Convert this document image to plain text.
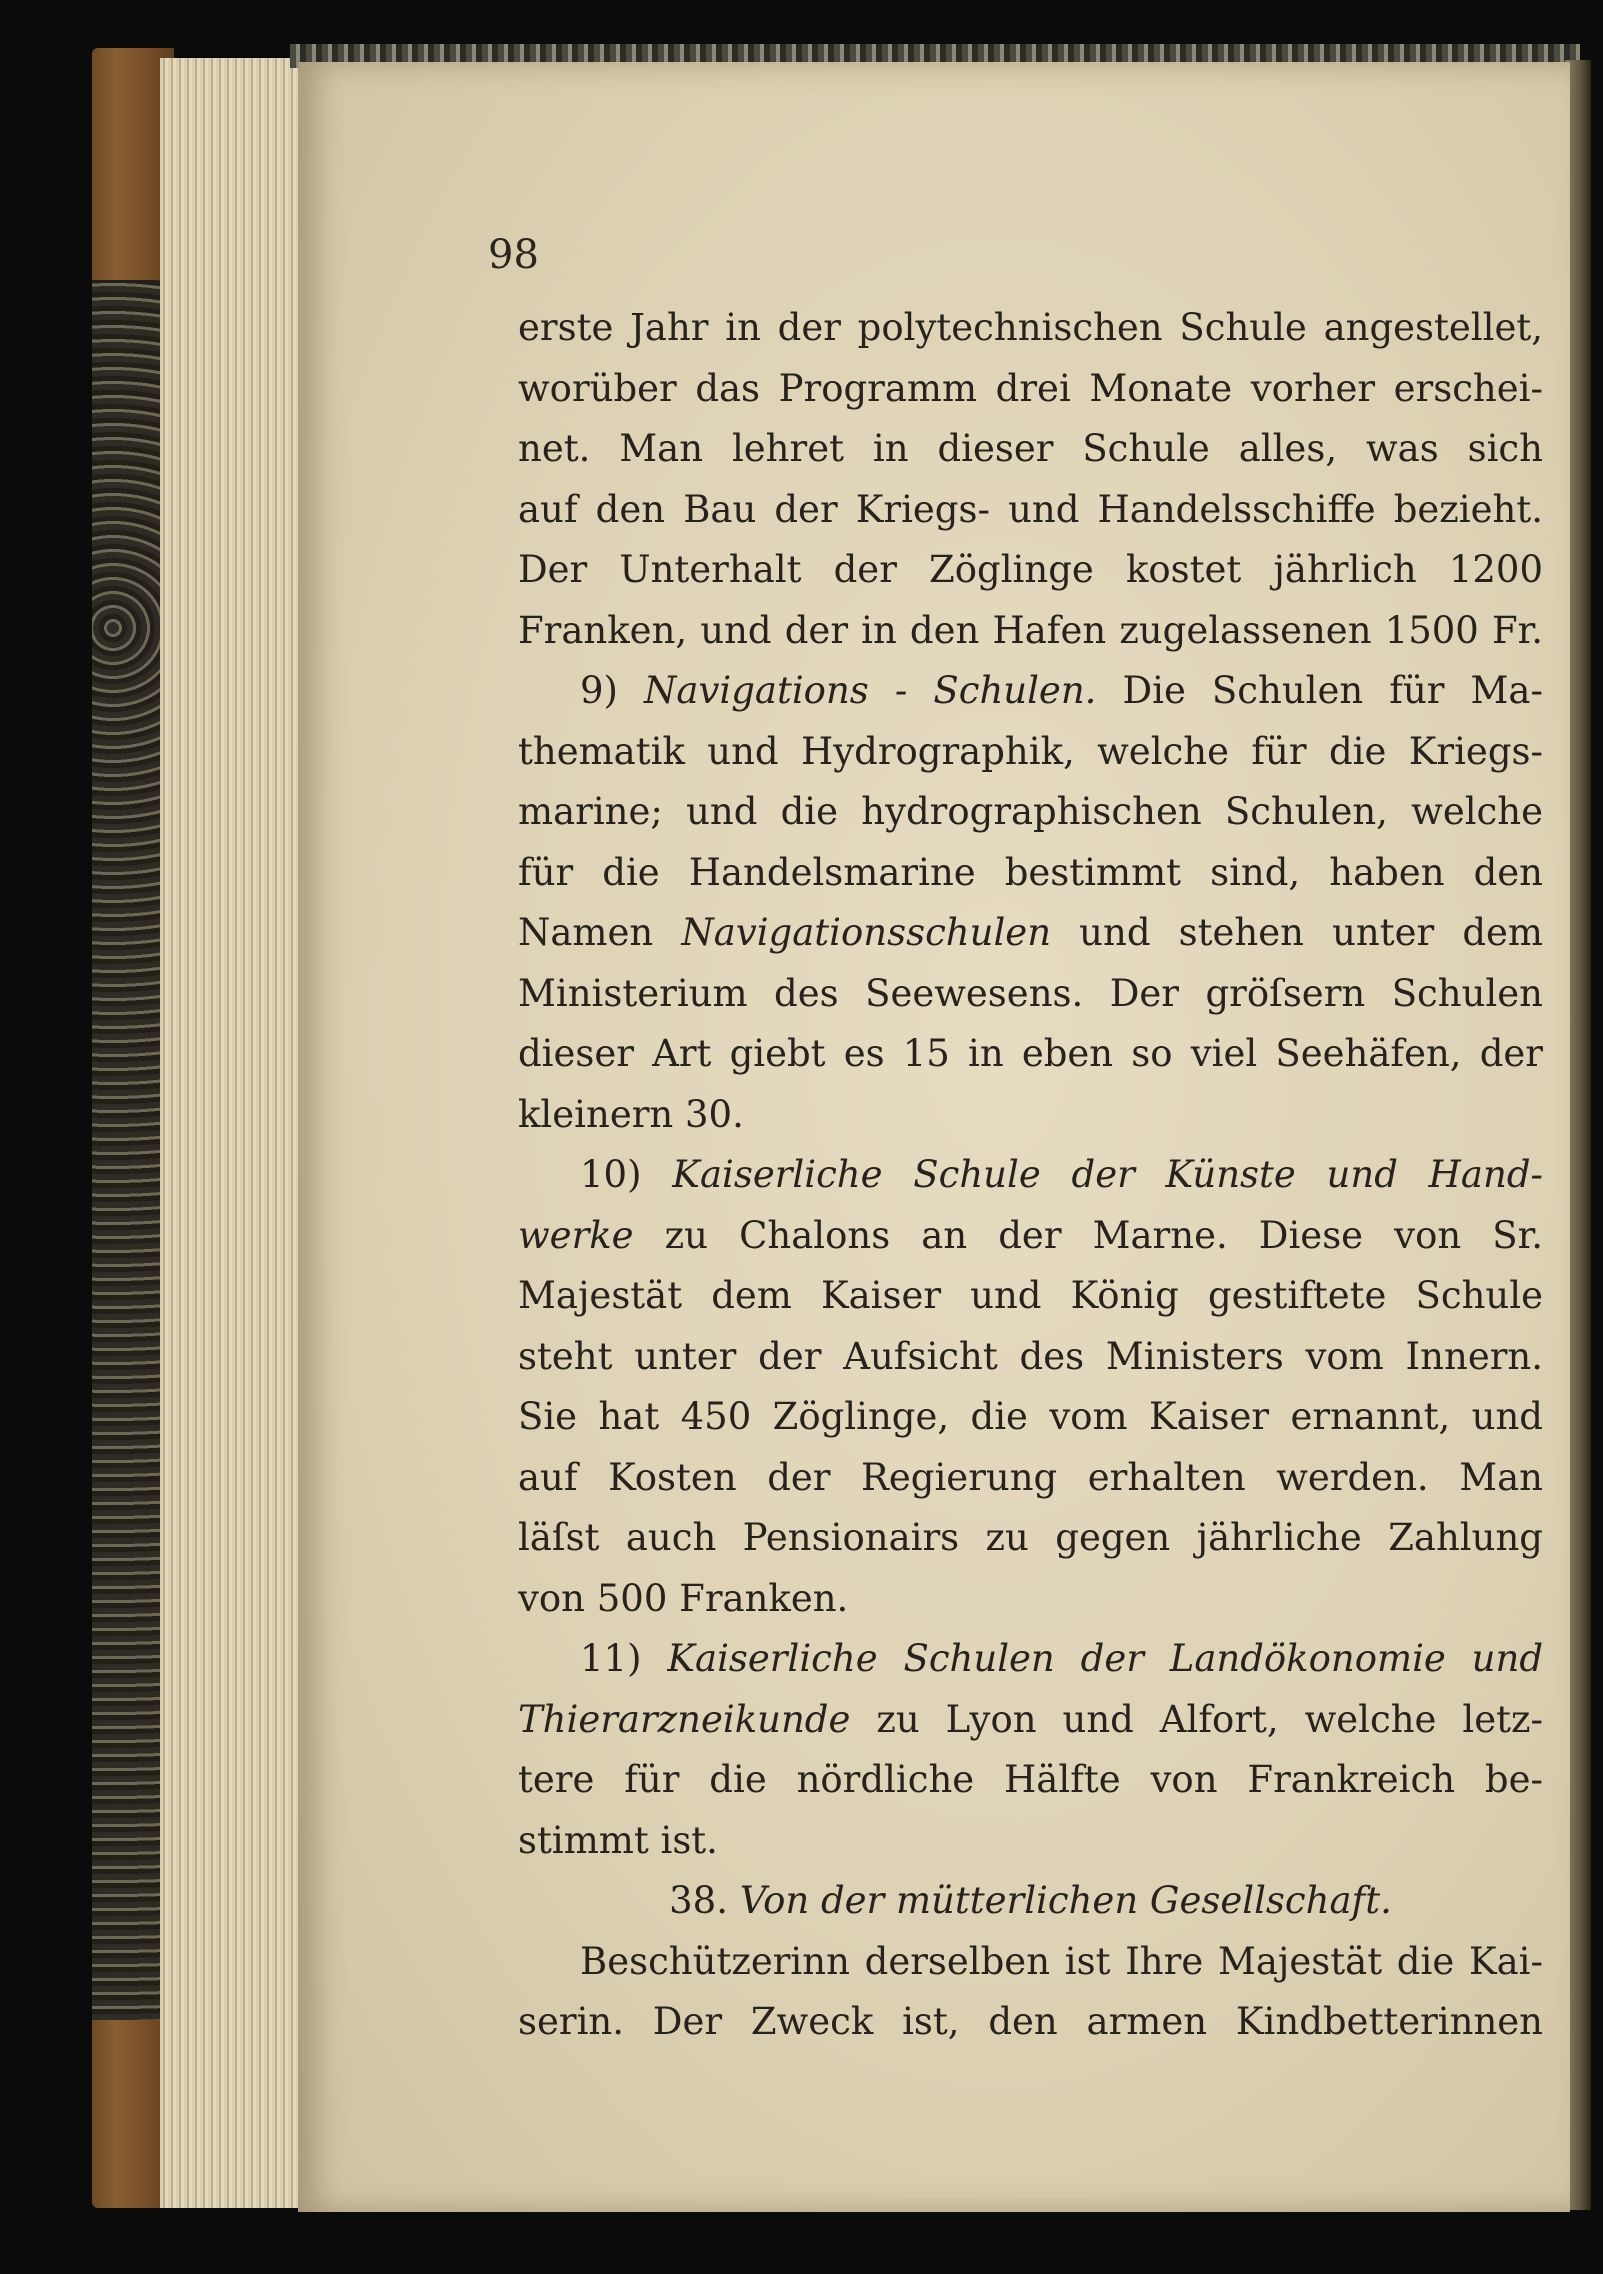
98
erste Jahr in der polytechnischen Schule angestellet,
worüber das Programm drei Monate vorher erschei-
net. Man lehret in dieser Schule alles, was sich
auf den Bau der Kriegs- und Handelsschiffe bezieht.
Der Unterhalt der Zöglinge kostet jährlich 1200
Franken, und der in den Hafen zugelassenen 1500 Fr.
9) Navigations - Schulen. Die Schulen für Ma-
thematik und Hydrographik, welche für die Kriegs-
marine; und die hydrographischen Schulen, welche
für die Handelsmarine bestimmt sind, haben den
Namen Navigationsschulen und stehen unter dem
Ministerium des Seewesens. Der gröſsern Schulen
dieser Art giebt es 15 in eben so viel Seehäfen, der
kleinern 30.
10) Kaiserliche Schule der Künste und Hand-
werke zu Chalons an der Marne. Diese von Sr.
Majestät dem Kaiser und König gestiftete Schule
steht unter der Aufsicht des Ministers vom Innern.
Sie hat 450 Zöglinge, die vom Kaiser ernannt, und
auf Kosten der Regierung erhalten werden. Man
läſst auch Pensionairs zu gegen jährliche Zahlung
von 500 Franken.
11) Kaiserliche Schulen der Landökonomie und
Thierarzneikunde zu Lyon und Alfort, welche letz-
tere für die nördliche Hälfte von Frankreich be-
stimmt ist.
38. Von der mütterlichen Gesellschaft.
Beschützerinn derselben ist Ihre Majestät die Kai-
serin. Der Zweck ist, den armen Kindbetterinnen
